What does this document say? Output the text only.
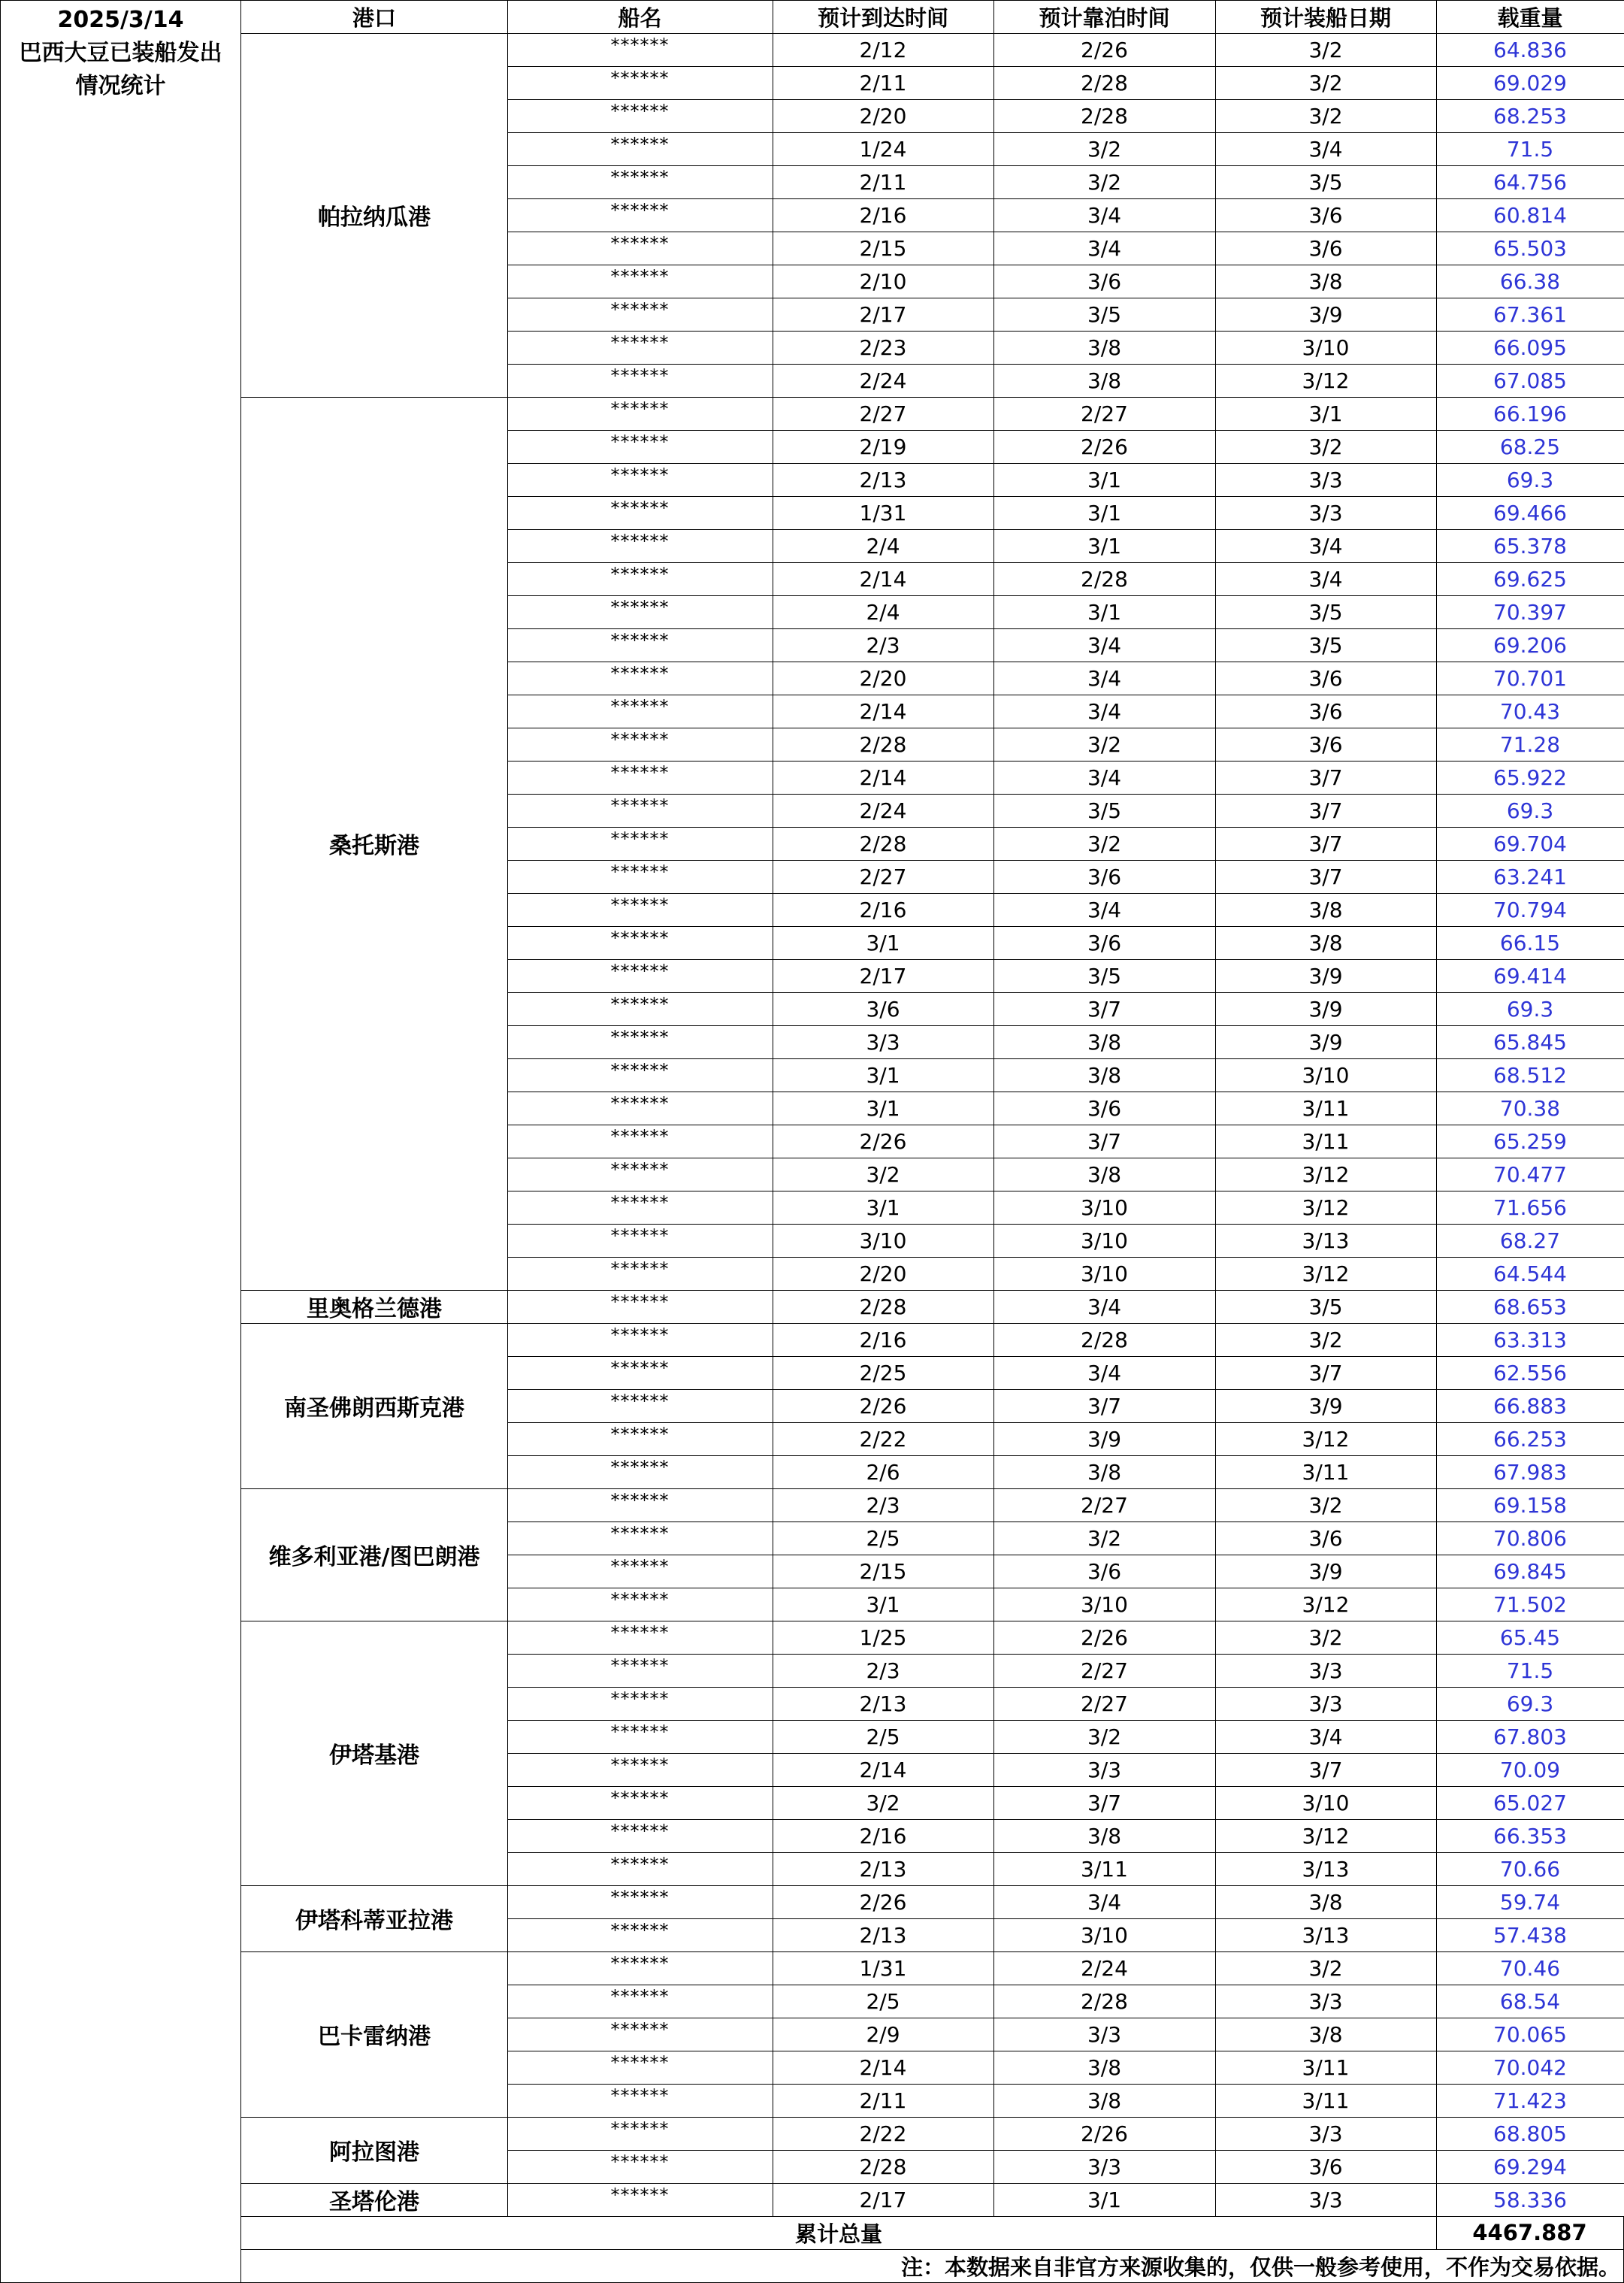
2025/3/14
巴西大豆已装船发出
情况统计
港口	船名	预计到达时间	预计靠泊时间	预计装船日期	载重量
帕拉纳瓜港
******	2/12	2/26	3/2	64.836
******	2/11	2/28	3/2	69.029
******	2/20	2/28	3/2	68.253
******	1/24	3/2	3/4	71.5
******	2/11	3/2	3/5	64.756
******	2/16	3/4	3/6	60.814
******	2/15	3/4	3/6	65.503
******	2/10	3/6	3/8	66.38
******	2/17	3/5	3/9	67.361
******	2/23	3/8	3/10	66.095
******	2/24	3/8	3/12	67.085
桑托斯港
******	2/27	2/27	3/1	66.196
******	2/19	2/26	3/2	68.25
******	2/13	3/1	3/3	69.3
******	1/31	3/1	3/3	69.466
******	2/4	3/1	3/4	65.378
******	2/14	2/28	3/4	69.625
******	2/4	3/1	3/5	70.397
******	2/3	3/4	3/5	69.206
******	2/20	3/4	3/6	70.701
******	2/14	3/4	3/6	70.43
******	2/28	3/2	3/6	71.28
******	2/14	3/4	3/7	65.922
******	2/24	3/5	3/7	69.3
******	2/28	3/2	3/7	69.704
******	2/27	3/6	3/7	63.241
******	2/16	3/4	3/8	70.794
******	3/1	3/6	3/8	66.15
******	2/17	3/5	3/9	69.414
******	3/6	3/7	3/9	69.3
******	3/3	3/8	3/9	65.845
******	3/1	3/8	3/10	68.512
******	3/1	3/6	3/11	70.38
******	2/26	3/7	3/11	65.259
******	3/2	3/8	3/12	70.477
******	3/1	3/10	3/12	71.656
******	3/10	3/10	3/13	68.27
******	2/20	3/10	3/12	64.544
里奥格兰德港	******	2/28	3/4	3/5	68.653
南圣佛朗西斯克港
******	2/16	2/28	3/2	63.313
******	2/25	3/4	3/7	62.556
******	2/26	3/7	3/9	66.883
******	2/22	3/9	3/12	66.253
******	2/6	3/8	3/11	67.983
维多利亚港/图巴朗港
******	2/3	2/27	3/2	69.158
******	2/5	3/2	3/6	70.806
******	2/15	3/6	3/9	69.845
******	3/1	3/10	3/12	71.502
伊塔基港
******	1/25	2/26	3/2	65.45
******	2/3	2/27	3/3	71.5
******	2/13	2/27	3/3	69.3
******	2/5	3/2	3/4	67.803
******	2/14	3/3	3/7	70.09
******	3/2	3/7	3/10	65.027
******	2/16	3/8	3/12	66.353
******	2/13	3/11	3/13	70.66
伊塔科蒂亚拉港
******	2/26	3/4	3/8	59.74
******	2/13	3/10	3/13	57.438
巴卡雷纳港
******	1/31	2/24	3/2	70.46
******	2/5	2/28	3/3	68.54
******	2/9	3/3	3/8	70.065
******	2/14	3/8	3/11	70.042
******	2/11	3/8	3/11	71.423
阿拉图港
******	2/22	2/26	3/3	68.805
******	2/28	3/3	3/6	69.294
圣塔伦港	******	2/17	3/1	3/3	58.336
累计总量	4467.887
注：本数据来自非官方来源收集的，仅供一般参考使用，不作为交易依据。
